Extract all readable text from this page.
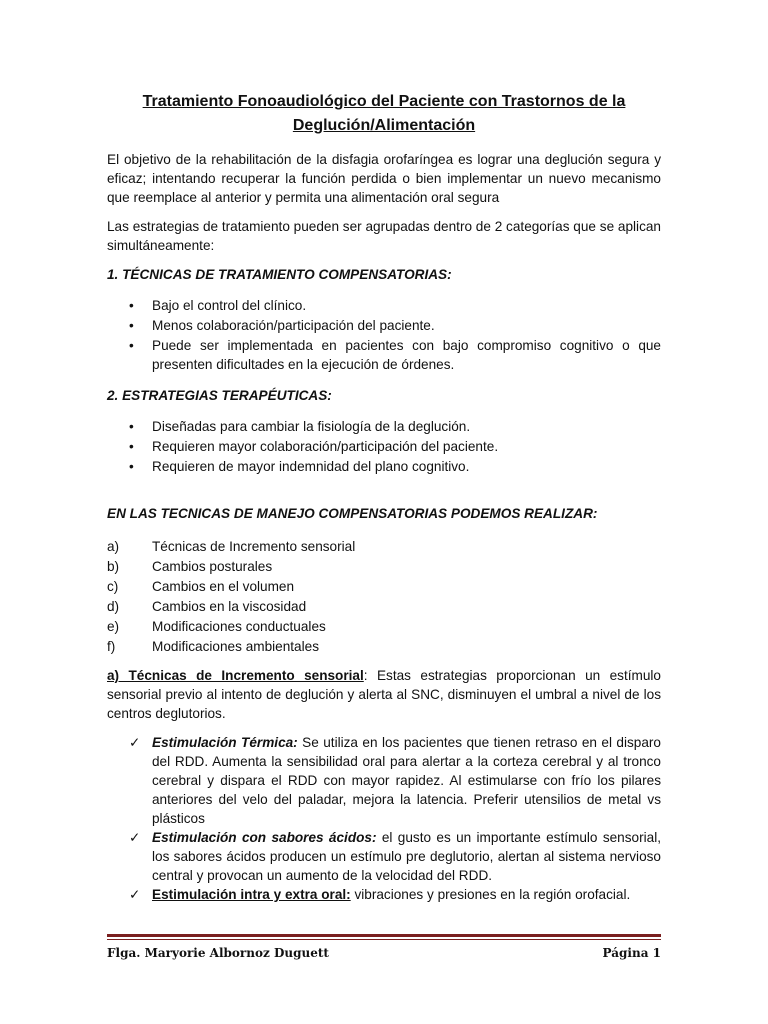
Tratamiento Fonoaudiológico del Paciente con Trastornos de la Deglución/Alimentación

El objetivo de la rehabilitación de la disfagia orofaríngea es lograr una deglución segura y eficaz; intentando recuperar la función perdida o bien implementar un nuevo mecanismo que reemplace al anterior y permita una alimentación oral segura

Las estrategias de tratamiento pueden ser agrupadas dentro de 2 categorías que se aplican simultáneamente:

1. TÉCNICAS DE TRATAMIENTO COMPENSATORIAS:
• Bajo el control del clínico.
• Menos colaboración/participación del paciente.
• Puede ser implementada en pacientes con bajo compromiso cognitivo o que presenten dificultades en la ejecución de órdenes.
2. ESTRATEGIAS TERAPÉUTICAS:
• Diseñadas para cambiar la fisiología de la deglución.
• Requieren mayor colaboración/participación del paciente.
• Requieren de mayor indemnidad del plano cognitivo.
EN LAS TECNICAS DE MANEJO COMPENSATORIAS PODEMOS REALIZAR:
a) Técnicas de Incremento sensorial
b) Cambios posturales
c) Cambios en el volumen
d) Cambios en la viscosidad
e) Modificaciones conductuales
f)	Modificaciones ambientales

a) Técnicas de Incremento sensorial: Estas estrategias proporcionan un estímulo sensorial previo al intento de deglución y alerta al SNC, disminuyen el umbral a nivel de los centros deglutorios.

✓ Estimulación Térmica: Se utiliza en los pacientes que tienen retraso en el disparo del RDD. Aumenta la sensibilidad oral para alertar a la corteza cerebral y al tronco cerebral y dispara el RDD con mayor rapidez. Al estimularse con frío los pilares anteriores del velo del paladar, mejora la latencia. Preferir utensilios de metal vs plásticos
✓ Estimulación con sabores ácidos: el gusto es un importante estímulo sensorial, los sabores ácidos producen un estímulo pre deglutorio, alertan al sistema nervioso central y provocan un aumento de la velocidad del RDD.
✓ Estimulación intra y extra oral: vibraciones y presiones en la región orofacial.
Flga. Maryorie Albornoz Duguett	Página 1
